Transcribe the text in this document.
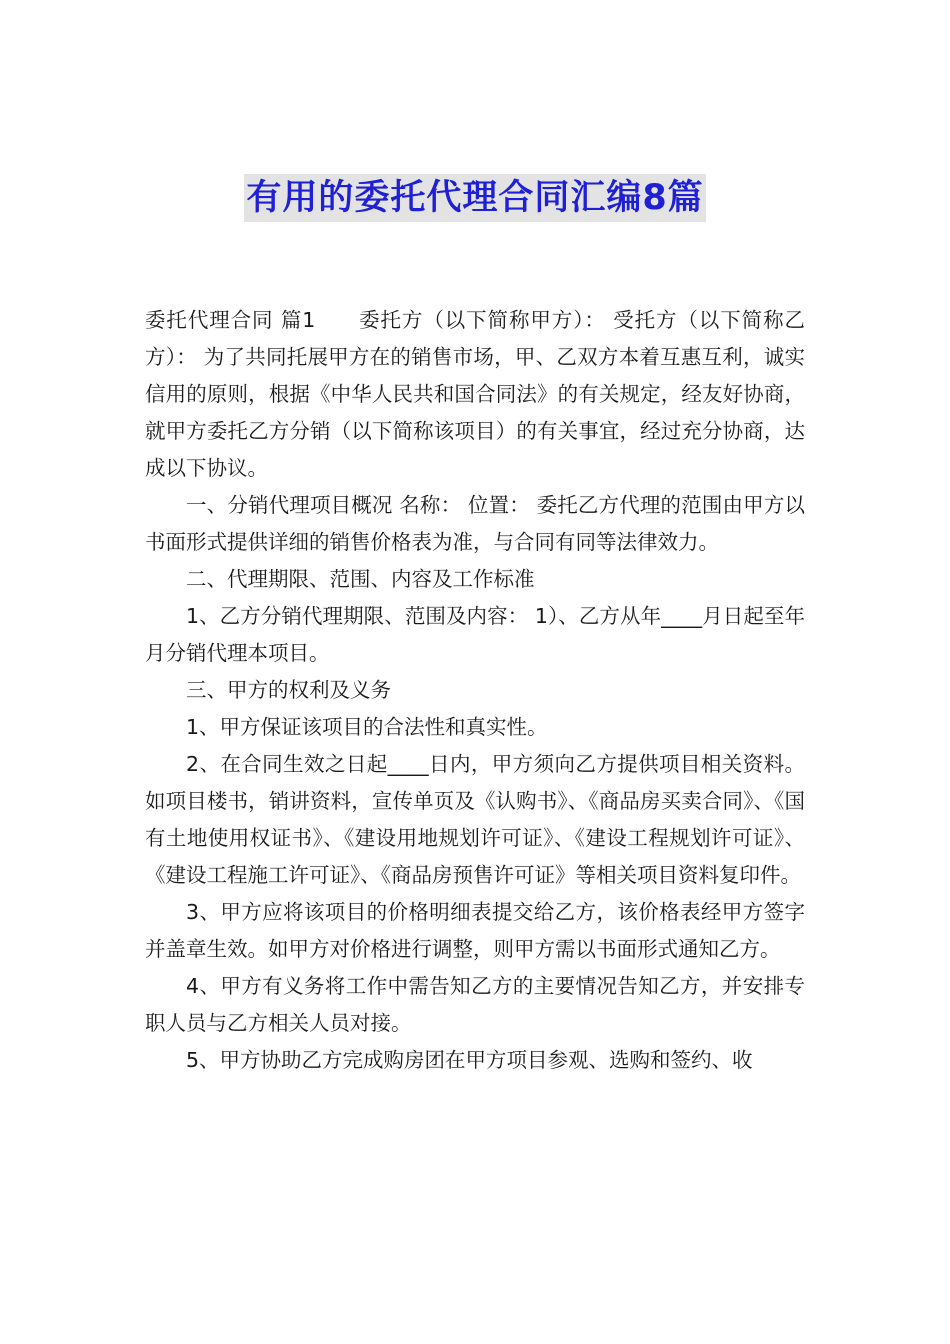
有用的委托代理合同汇编8篇

委托代理合同 篇1　　委托方（以下简称甲方）： 受托方（以下简称乙方）： 为了共同托展甲方在的销售市场，甲、乙双方本着互惠互利，诚实信用的原则，根据《中华人民共和国合同法》的有关规定，经友好协商，就甲方委托乙方分销（以下简称该项目）的有关事宜，经过充分协商，达成以下协议。

一、分销代理项目概况 名称： 位置： 委托乙方代理的范围由甲方以书面形式提供详细的销售价格表为准，与合同有同等法律效力。

二、代理期限、范围、内容及工作标准

1、乙方分销代理期限、范围及内容： 1）、乙方从年____月日起至年月分销代理本项目。

三、甲方的权利及义务

1、甲方保证该项目的合法性和真实性。

2、在合同生效之日起____日内，甲方须向乙方提供项目相关资料。如项目楼书，销讲资料，宣传单页及《认购书》、《商品房买卖合同》、《国有土地使用权证书》、《建设用地规划许可证》、《建设工程规划许可证》、《建设工程施工许可证》、《商品房预售许可证》等相关项目资料复印件。

3、甲方应将该项目的价格明细表提交给乙方，该价格表经甲方签字并盖章生效。如甲方对价格进行调整，则甲方需以书面形式通知乙方。

4、甲方有义务将工作中需告知乙方的主要情况告知乙方，并安排专职人员与乙方相关人员对接。

5、甲方协助乙方完成购房团在甲方项目参观、选购和签约、收
